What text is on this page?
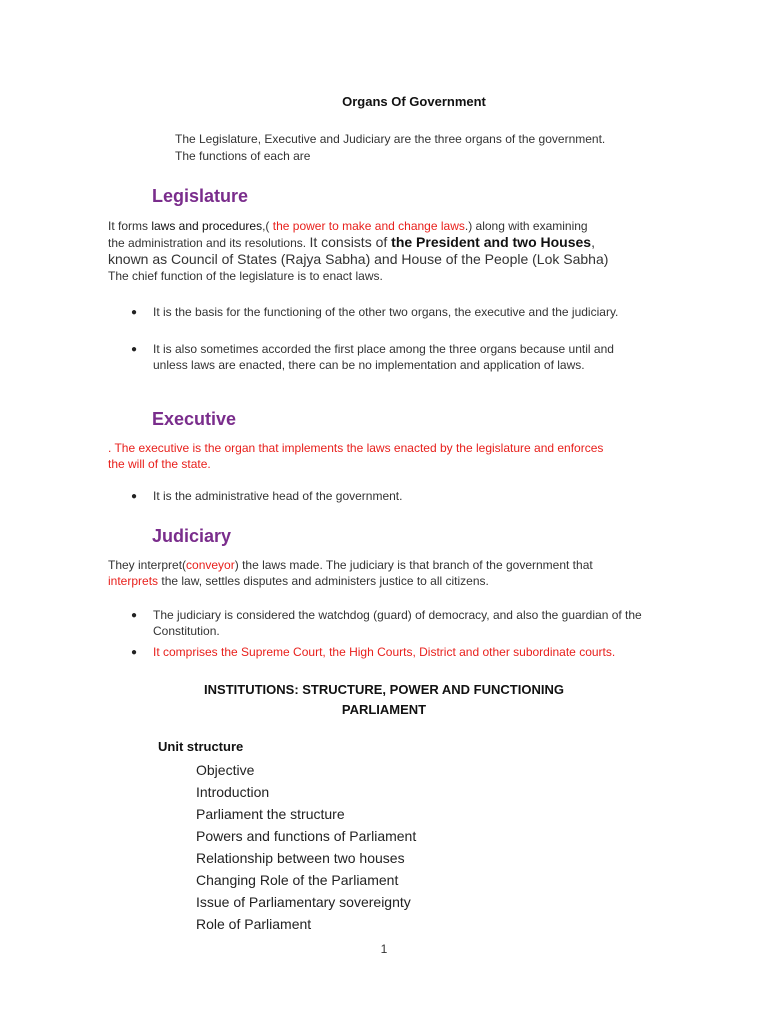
Organs Of Government
The Legislature, Executive and Judiciary are the three organs of the government.
The functions of each are
Legislature
It forms laws and procedures,( the power to make and change laws.) along with examining
the administration and its resolutions. It consists of the President and two Houses,
known as Council of States (Rajya Sabha) and House of the People (Lok Sabha)
The chief function of the legislature is to enact laws.
● It is the basis for the functioning of the other two organs, the executive and the judiciary.
● It is also sometimes accorded the first place among the three organs because until and unless laws are enacted, there can be no implementation and application of laws.
Executive
. The executive is the organ that implements the laws enacted by the legislature and enforces the will of the state.
● It is the administrative head of the government.
Judiciary
They interpret(conveyor) the laws made. The judiciary is that branch of the government that
interprets the law, settles disputes and administers justice to all citizens.
● The judiciary is considered the watchdog (guard) of democracy, and also the guardian of the Constitution.
● It comprises the Supreme Court, the High Courts, District and other subordinate courts.
INSTITUTIONS: STRUCTURE, POWER AND FUNCTIONING
PARLIAMENT
Unit structure
Objective
Introduction
Parliament the structure
Powers and functions of Parliament
Relationship between two houses
Changing Role of the Parliament
Issue of Parliamentary sovereignty
Role of Parliament
1
